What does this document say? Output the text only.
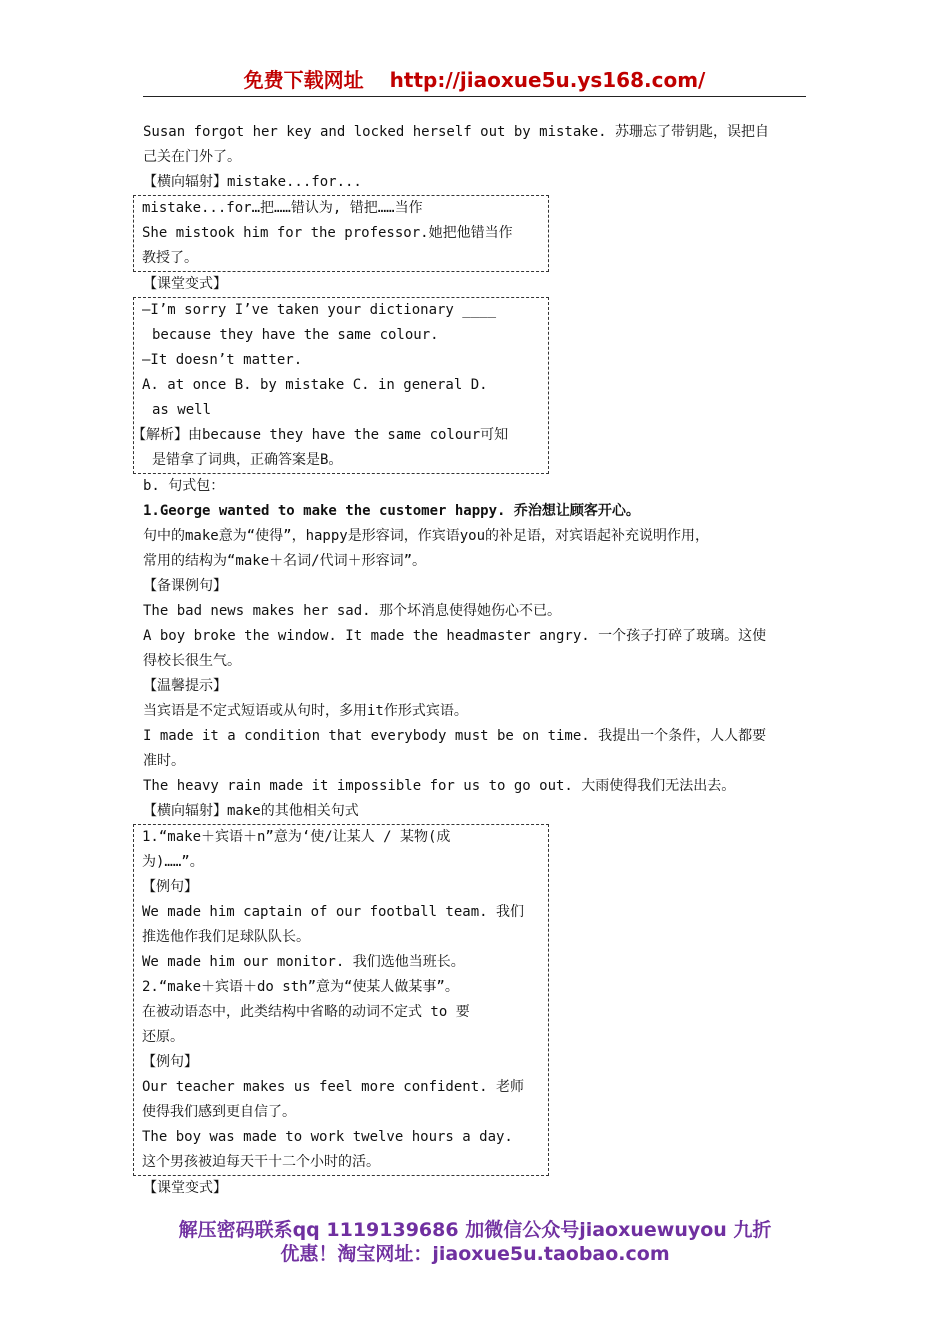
免费下载网址 http://jiaoxue5u.ys168.com/

Susan forgot her key and locked herself out by mistake. 苏珊忘了带钥匙，误把自

己关在门外了。

【横向辐射】mistake...for...

mistake...for…把……错认为, 错把……当作

She mistook him for the professor.她把他错当作

教授了。

【课堂变式】

—I’m sorry I’ve taken your dictionary ____

because they have the same colour.

—It doesn’t matter.

A. at once B. by mistake C. in general D.

as well

【解析】由because they have the same colour可知

是错拿了词典，正确答案是B。

b. 句式包：

1.George wanted to make the customer happy. 乔治想让顾客开心。

句中的make意为“使得”，happy是形容词，作宾语you的补足语，对宾语起补充说明作用，

常用的结构为“make＋名词/代词＋形容词”。

【备课例句】

The bad news makes her sad. 那个坏消息使得她伤心不已。

A boy broke the window. It made the headmaster angry. 一个孩子打碎了玻璃。这使

得校长很生气。

【温馨提示】

当宾语是不定式短语或从句时，多用it作形式宾语。

I made it a condition that everybody must be on time. 我提出一个条件，人人都要

准时。

The heavy rain made it impossible for us to go out. 大雨使得我们无法出去。

【横向辐射】make的其他相关句式

1.“make＋宾语＋n”意为‘使/让某人 / 某物(成

为)……”。

【例句】

We made him captain of our football team. 我们

推选他作我们足球队队长。

We made him our monitor. 我们选他当班长。

2.“make＋宾语＋do sth”意为“使某人做某事”。

在被动语态中，此类结构中省略的动词不定式 to 要

还原。

【例句】

Our teacher makes us feel more confident. 老师

使得我们感到更自信了。

The boy was made to work twelve hours a day.

这个男孩被迫每天干十二个小时的活。

【课堂变式】

解压密码联系qq 1119139686 加微信公众号jiaoxuewuyou 九折
优惠！淘宝网址：jiaoxue5u.taobao.com
